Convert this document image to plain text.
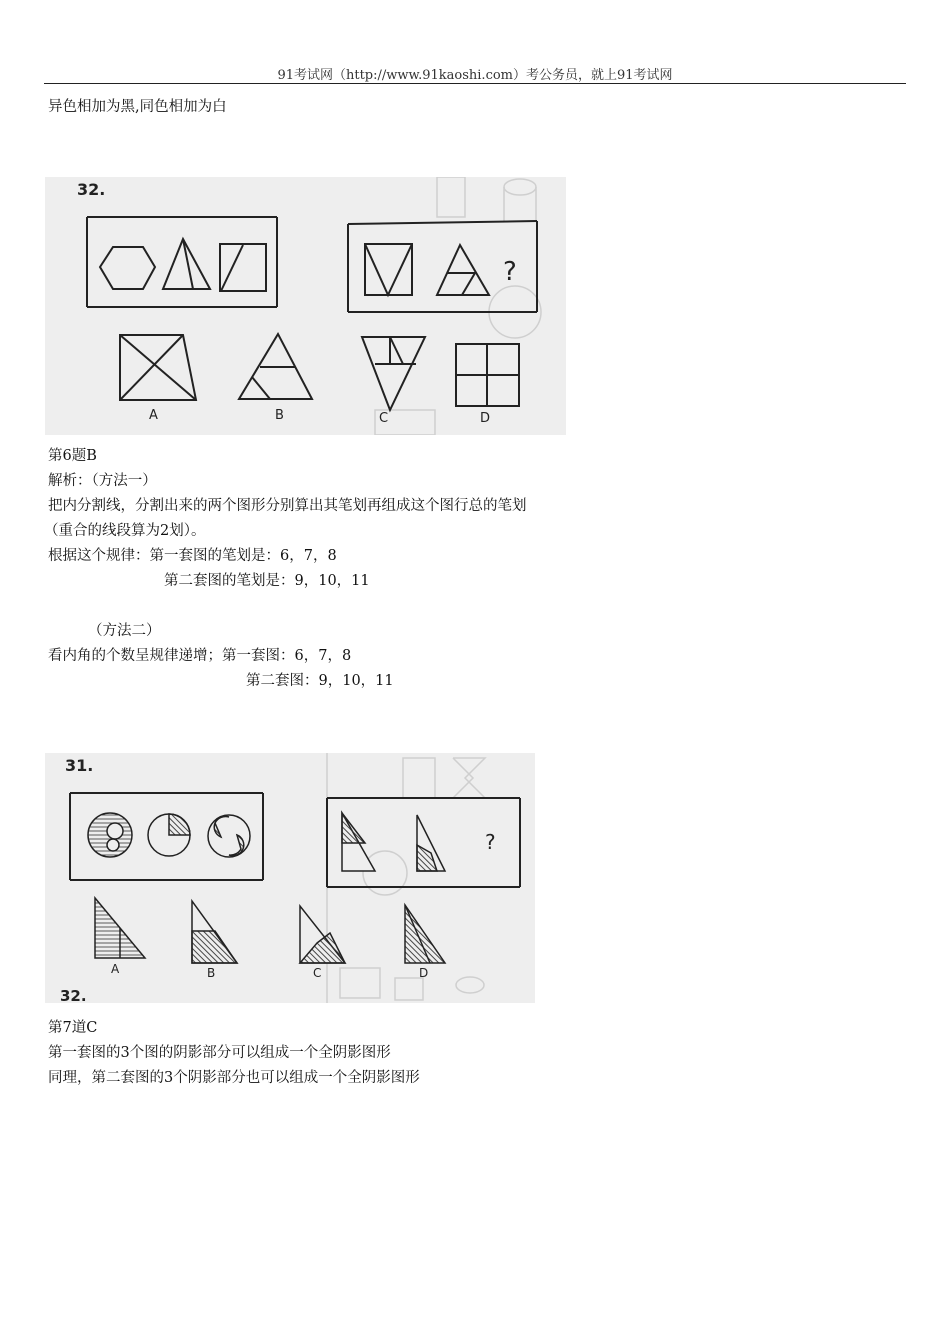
91考试网（http://www.91kaoshi.com）考公务员，就上91考试网
异色相加为黑,同色相加为白
32.
?
A	B	C	D
第6题B
解析：（方法一）
把内分割线，分割出来的两个图形分别算出其笔划再组成这个图行总的笔划
（重合的线段算为2划）。
根据这个规律：第一套图的笔划是：6，7，8
第二套图的笔划是：9，10，11
（方法二）
看内角的个数呈规律递增；第一套图：6，7，8
第二套图：9，10，11
31.
?
A	B	C	D
32.
第7道C
第一套图的3个图的阴影部分可以组成一个全阴影图形
同理，第二套图的3个阴影部分也可以组成一个全阴影图形
